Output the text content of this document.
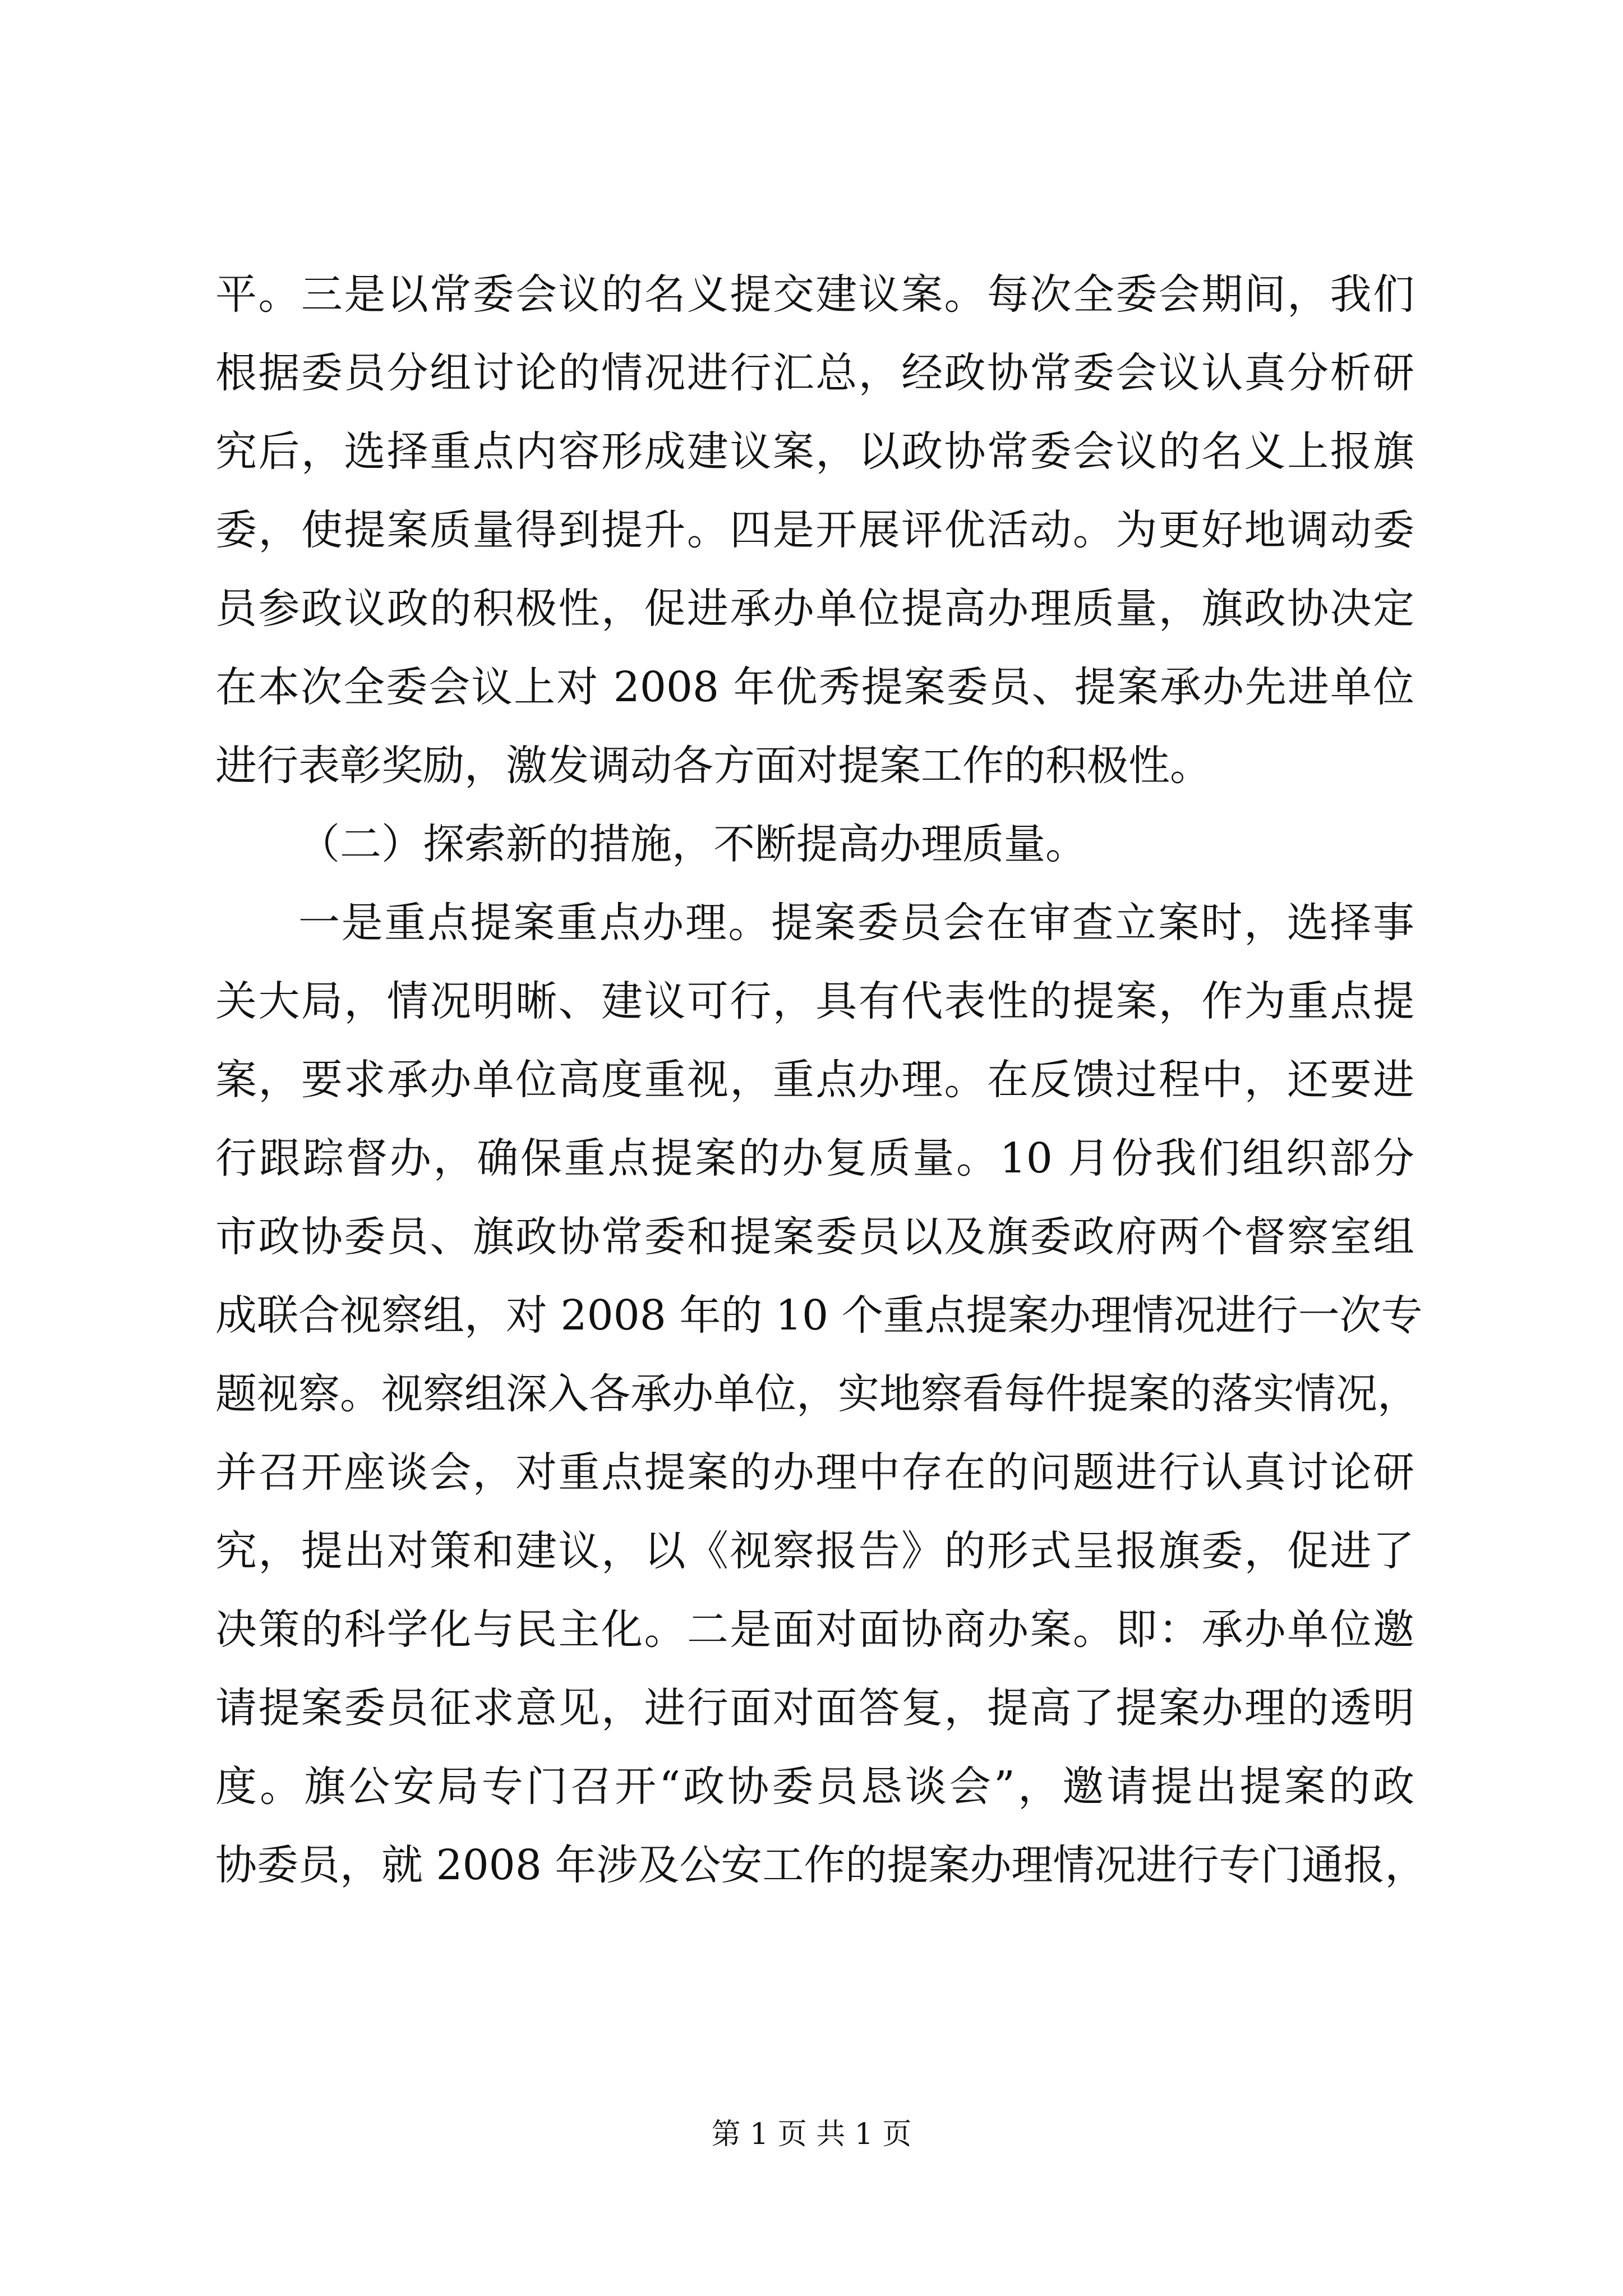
平。三是以常委会议的名义提交建议案。每次全委会期间，我们
根据委员分组讨论的情况进行汇总，经政协常委会议认真分析研
究后，选择重点内容形成建议案，以政协常委会议的名义上报旗
委，使提案质量得到提升。四是开展评优活动。为更好地调动委
员参政议政的积极性，促进承办单位提高办理质量，旗政协决定
在本次全委会议上对 2008 年优秀提案委员、提案承办先进单位
进行表彰奖励，激发调动各方面对提案工作的积极性。
（二）探索新的措施，不断提高办理质量。
一是重点提案重点办理。提案委员会在审查立案时，选择事
关大局，情况明晰、建议可行，具有代表性的提案，作为重点提
案，要求承办单位高度重视，重点办理。在反馈过程中，还要进
行跟踪督办，确保重点提案的办复质量。10 月份我们组织部分
市政协委员、旗政协常委和提案委员以及旗委政府两个督察室组
成联合视察组，对 2008 年的 10 个重点提案办理情况进行一次专
题视察。视察组深入各承办单位，实地察看每件提案的落实情况，
并召开座谈会，对重点提案的办理中存在的问题进行认真讨论研
究，提出对策和建议，以《视察报告》的形式呈报旗委，促进了
决策的科学化与民主化。二是面对面协商办案。即：承办单位邀
请提案委员征求意见，进行面对面答复，提高了提案办理的透明
度。旗公安局专门召开“政协委员恳谈会”，邀请提出提案的政
协委员，就 2008 年涉及公安工作的提案办理情况进行专门通报，
第 1 页 共 1 页
